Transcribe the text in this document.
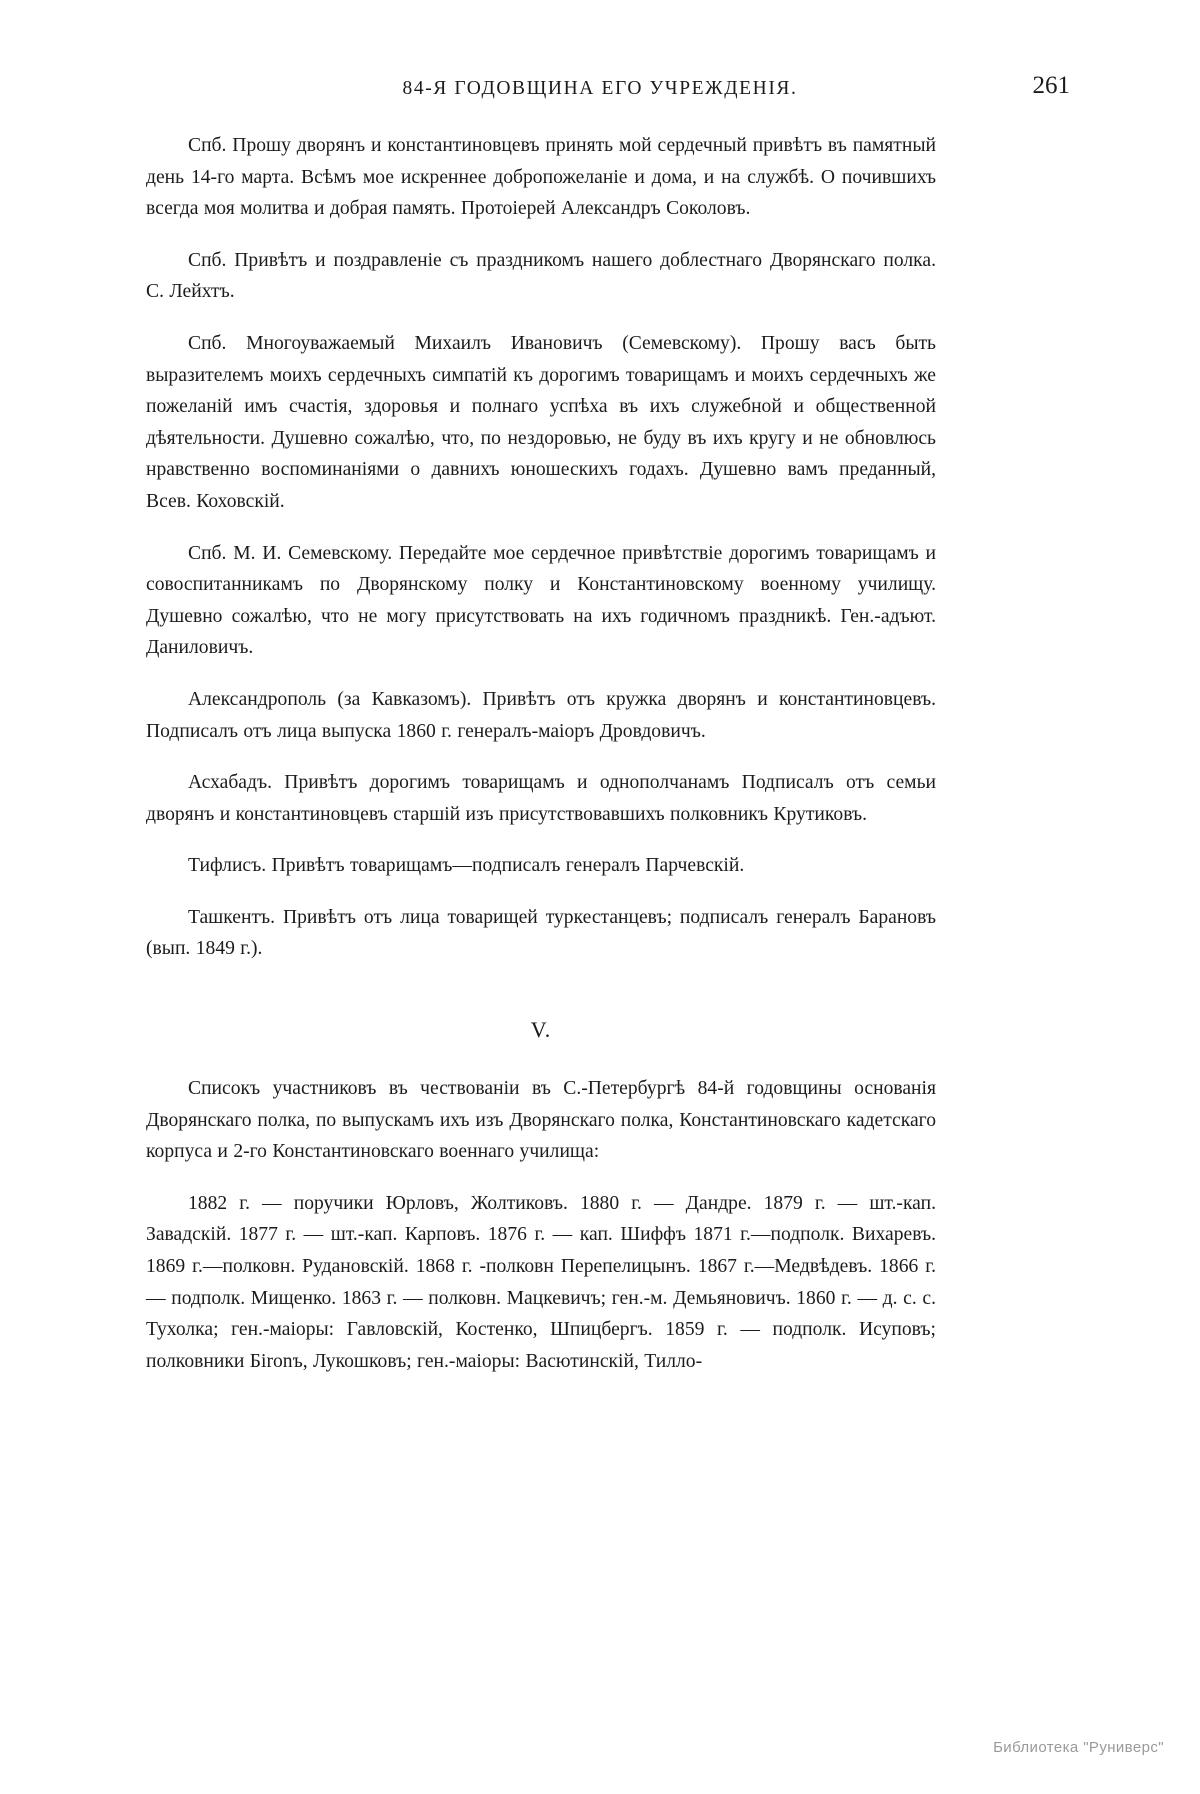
84-Я ГОДОВЩИНА ЕГО УЧРЕЖДЕНІЯ.	261

Спб. Прошу дворянъ и константиновцевъ принять мой сердечный привѣтъ въ памятный день 14-го марта. Всѣмъ мое искреннее добропожеланіе и дома, и на службѣ. О почившихъ всегда моя молитва и добрая память. Протоіерей Александръ Соколовъ.

Спб. Привѣтъ и поздравленіе съ праздникомъ нашего доблестнаго Дворянскаго полка. С. Лейхтъ.

Спб. Многоуважаемый Михаилъ Ивановичъ (Семевскому). Прошу васъ быть выразителемъ моихъ сердечныхъ симпатій къ дорогимъ товарищамъ и моихъ сердечныхъ же пожеланій имъ счастія, здоровья и полнаго успѣха въ ихъ служебной и общественной дѣятельности. Душевно сожалѣю, что, по нездоровью, не буду въ ихъ кругу и не обновлюсь нравственно воспоминаніями о давнихъ юношескихъ годахъ. Душевно вамъ преданный, Всев. Коховскій.

Спб. М. И. Семевскому. Передайте мое сердечное привѣтствіе дорогимъ товарищамъ и совоспитанникамъ по Дворянскому полку и Константиновскому военному училищу. Душевно сожалѣю, что не могу присутствовать на ихъ годичномъ праздникѣ. Ген.-адъют. Даниловичъ.

Александрополь (за Кавказомъ). Привѣтъ отъ кружка дворянъ и константиновцевъ. Подписалъ отъ лица выпуска 1860 г. генералъ-маіоръ Дровдовичъ.

Асхабадъ. Привѣтъ дорогимъ товарищамъ и однополчанамъ Подписалъ отъ семьи дворянъ и константиновцевъ старшій изъ присутствовавшихъ полковникъ Крутиковъ.

Тифлисъ. Привѣтъ товарищамъ—подписалъ генералъ Парчевскій.

Ташкентъ. Привѣтъ отъ лица товарищей туркестанцевъ; подписалъ генералъ Барановъ (вып. 1849 г.).

V.

Списокъ участниковъ въ чествованіи въ С.-Петербургѣ 84-й годовщины основанія Дворянскаго полка, по выпускамъ ихъ изъ Дворянскаго полка, Константиновскаго кадетскаго корпуса и 2-го Константиновскаго военнаго училища:

1882 г. — поручики Юрловъ, Жолтиковъ. 1880 г. — Дандре. 1879 г. — шт.-кап. Завадскій. 1877 г. — шт.-кап. Карповъ. 1876 г. — кап. Шиффъ 1871 г.—подполк. Вихаревъ. 1869 г.—полковн. Рудановскій. 1868 г. -полковн Перепелицынъ. 1867 г.—Медвѣдевъ. 1866 г. — подполк. Мищенко. 1863 г. — полковн. Мацкевичъ; ген.-м. Демьяновичъ. 1860 г. — д. с. с. Тухолка; ген.-маіоры: Гавловскій, Костенко, Шпицбергъ. 1859 г. — подполк. Исуповъ; полковники Бironъ, Лукошковъ; ген.-маіоры: Васютинскій, Тилло-

Библиотека "Руниверс"
